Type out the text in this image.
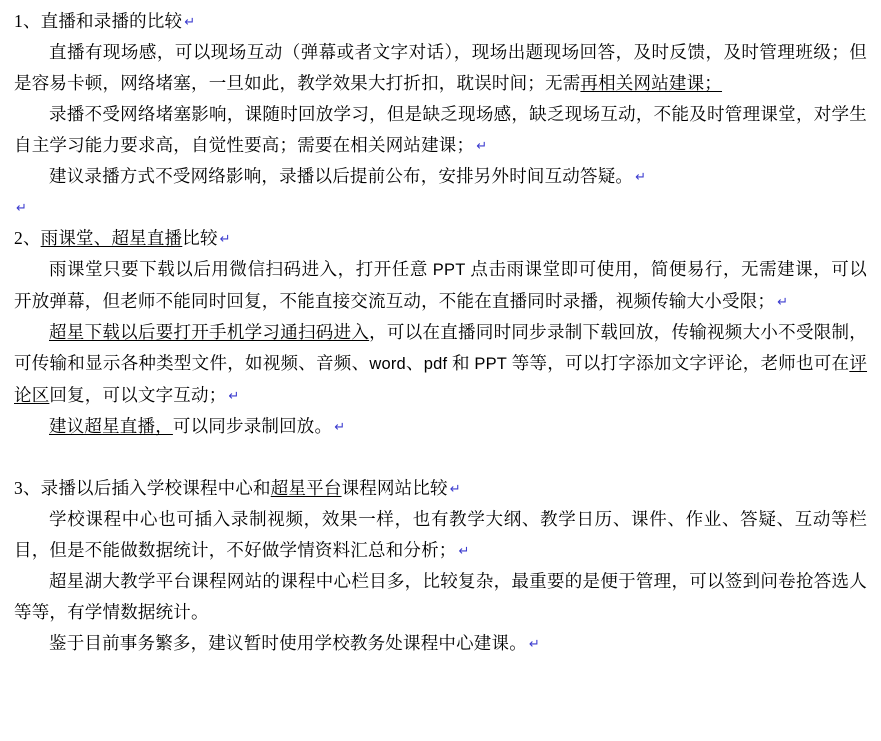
1、直播和录播的比较 ↵

直播有现场感，可以现场互动（弹幕或者文字对话），现场出题现场回答，及时反馈，及时管理班级；但是容易卡顿，网络堵塞，一旦如此，教学效果大打折扣，耽误时间；无需再相关网站建课；

录播不受网络堵塞影响，课随时回放学习，但是缺乏现场感，缺乏现场互动，不能及时管理课堂，对学生自主学习能力要求高，自觉性要高；需要在相关网站建课； ↵

建议录播方式不受网络影响，录播以后提前公布，安排另外时间互动答疑。 ↵

↵

2、雨课堂、超星直播比较 ↵

雨课堂只要下载以后用微信扫码进入，打开任意 PPT 点击雨课堂即可使用，简便易行，无需建课，可以开放弹幕，但老师不能同时回复，不能直接交流互动，不能在直播同时录播，视频传输大小受限； ↵

超星下载以后要打开手机学习通扫码进入，可以在直播同时同步录制下载回放，传输视频大小不受限制，可传输和显示各种类型文件，如视频、音频、word、pdf 和 PPT 等等，可以打字添加文字评论，老师也可在评论区回复，可以文字互动； ↵

建议超星直播，可以同步录制回放。 ↵

3、录播以后插入学校课程中心和超星平台课程网站比较 ↵

学校课程中心也可插入录制视频，效果一样，也有教学大纲、教学日历、课件、作业、答疑、互动等栏目，但是不能做数据统计，不好做学情资料汇总和分析； ↵

超星湖大教学平台课程网站的课程中心栏目多，比较复杂，最重要的是便于管理，可以签到问卷抢答选人等等，有学情数据统计。

鉴于目前事务繁多，建议暂时使用学校教务处课程中心建课。 ↵
